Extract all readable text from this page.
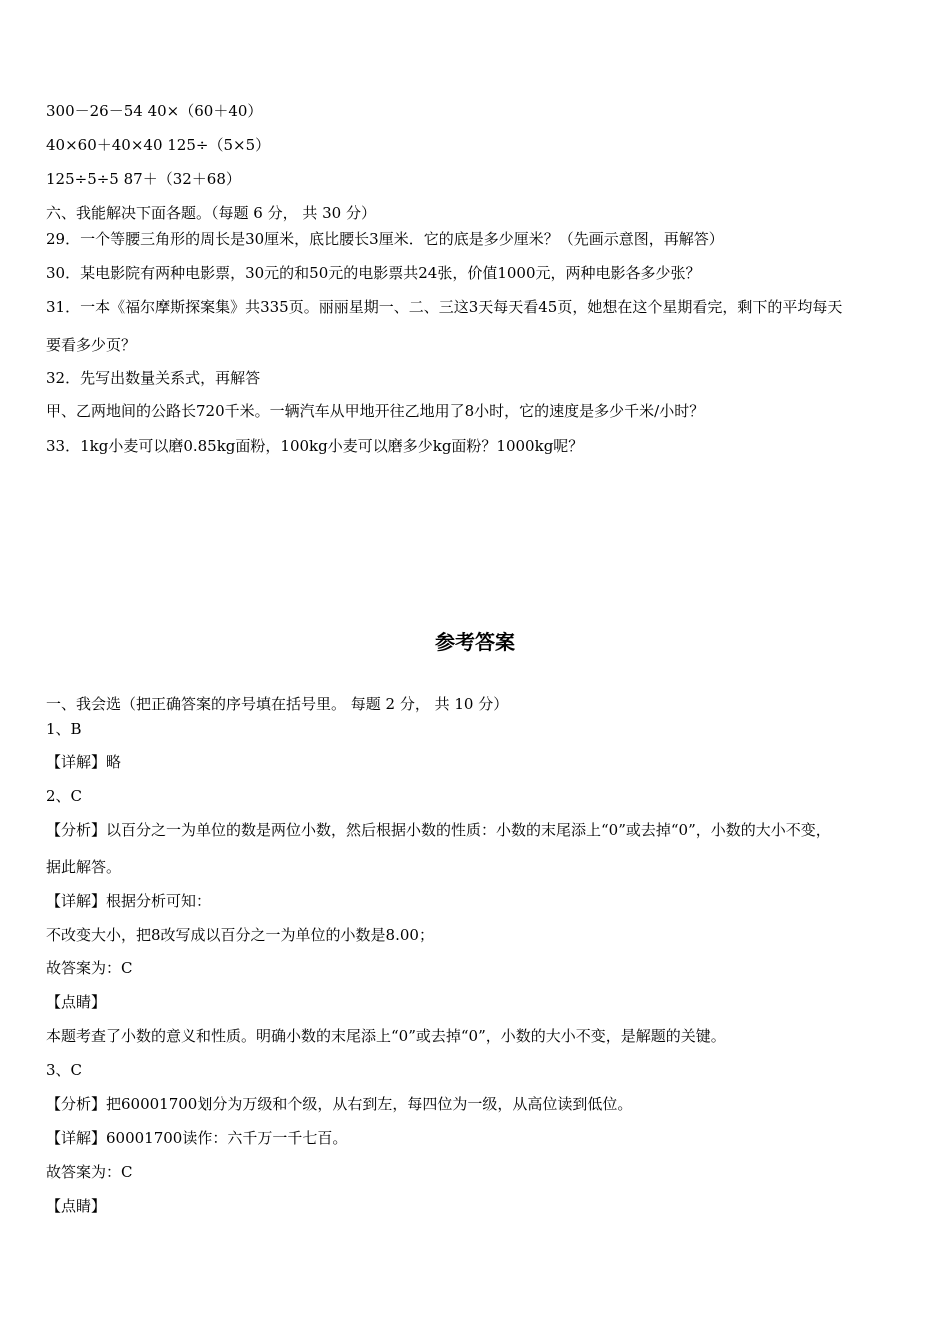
300－26－54 40×（60＋40）
40×60＋40×40 125÷（5×5）
125÷5÷5 87＋（32＋68）
六、我能解决下面各题。（每题 6 分， 共 30 分）
29．一个等腰三角形的周长是30厘米，底比腰长3厘米．它的底是多少厘米？（先画示意图，再解答）
30．某电影院有两种电影票，30元的和50元的电影票共24张，价值1000元，两种电影各多少张？
31．一本《福尔摩斯探案集》共335页。丽丽星期一、二、三这3天每天看45页，她想在这个星期看完，剩下的平均每天
要看多少页？
32．先写出数量关系式，再解答
甲、乙两地间的公路长720千米。一辆汽车从甲地开往乙地用了8小时，它的速度是多少千米/小时？
33．1kg小麦可以磨0.85kg面粉，100kg小麦可以磨多少kg面粉？1000kg呢？
参考答案
一、我会选（把正确答案的序号填在括号里。 每题 2 分， 共 10 分）
1、B
【详解】略
2、C
【分析】以百分之一为单位的数是两位小数，然后根据小数的性质：小数的末尾添上“0”或去掉“0”，小数的大小不变，
据此解答。
【详解】根据分析可知：
不改变大小，把8改写成以百分之一为单位的小数是8.00；
故答案为：C
【点睛】
本题考查了小数的意义和性质。明确小数的末尾添上“0”或去掉“0”，小数的大小不变，是解题的关键。
3、C
【分析】把60001700划分为万级和个级，从右到左，每四位为一级，从高位读到低位。
【详解】60001700读作：六千万一千七百。
故答案为：C
【点睛】
